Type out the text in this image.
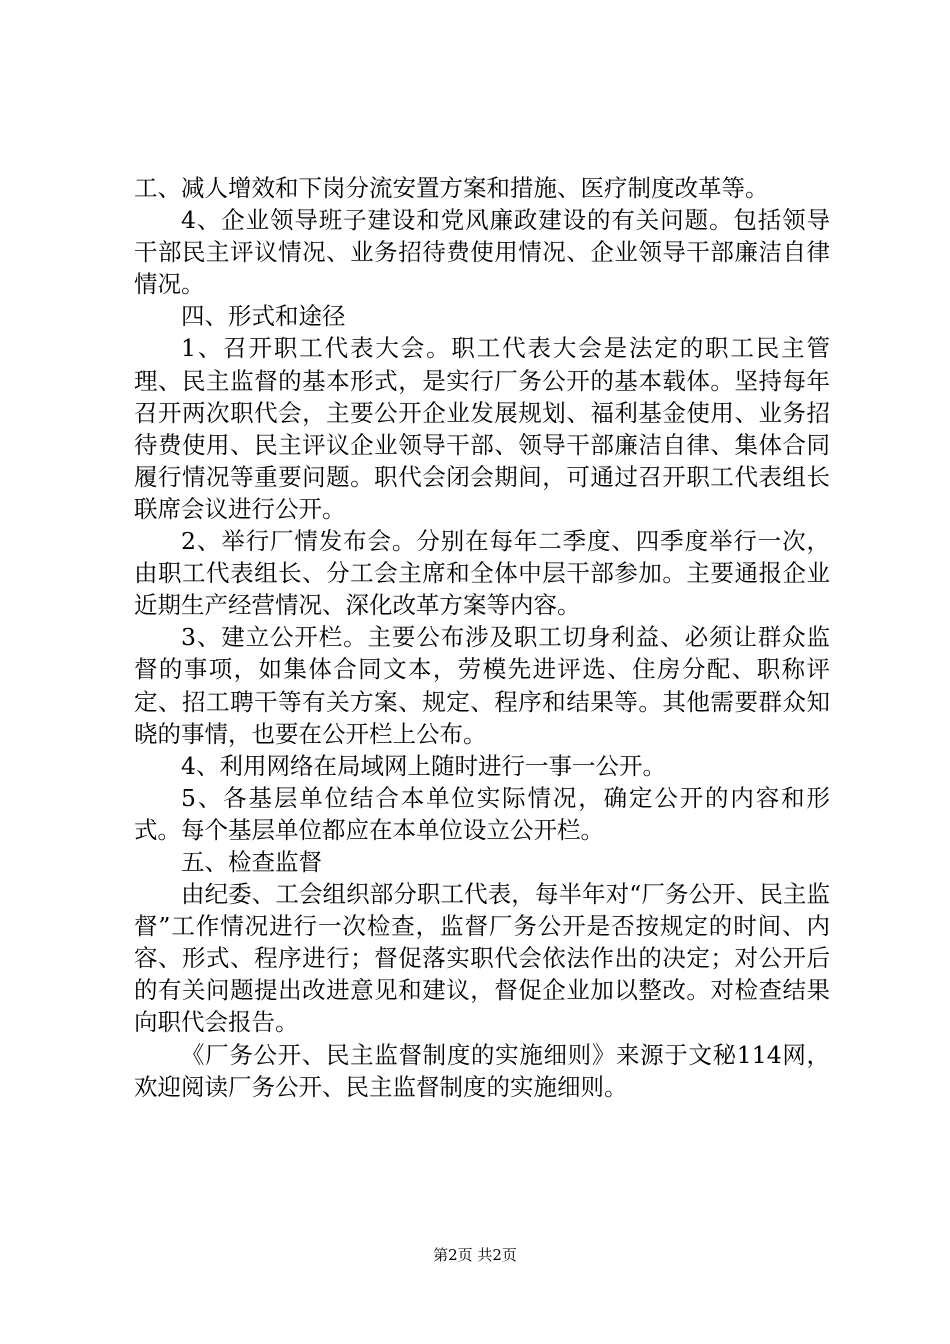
工、减人增效和下岗分流安置方案和措施、医疗制度改革等。

4、企业领导班子建设和党风廉政建设的有关问题。包括领导干部民主评议情况、业务招待费使用情况、企业领导干部廉洁自律情况。

四、形式和途径

1、召开职工代表大会。职工代表大会是法定的职工民主管理、民主监督的基本形式，是实行厂务公开的基本载体。坚持每年召开两次职代会，主要公开企业发展规划、福利基金使用、业务招待费使用、民主评议企业领导干部、领导干部廉洁自律、集体合同履行情况等重要问题。职代会闭会期间，可通过召开职工代表组长联席会议进行公开。

2、举行厂情发布会。分别在每年二季度、四季度举行一次，由职工代表组长、分工会主席和全体中层干部参加。主要通报企业近期生产经营情况、深化改革方案等内容。

3、建立公开栏。主要公布涉及职工切身利益、必须让群众监督的事项，如集体合同文本，劳模先进评选、住房分配、职称评定、招工聘干等有关方案、规定、程序和结果等。其他需要群众知晓的事情，也要在公开栏上公布。

4、利用网络在局域网上随时进行一事一公开。

5、各基层单位结合本单位实际情况，确定公开的内容和形式。每个基层单位都应在本单位设立公开栏。

五、检查监督

由纪委、工会组织部分职工代表，每半年对“厂务公开、民主监督”工作情况进行一次检查，监督厂务公开是否按规定的时间、内容、形式、程序进行；督促落实职代会依法作出的决定；对公开后的有关问题提出改进意见和建议，督促企业加以整改。对检查结果向职代会报告。

《厂务公开、民主监督制度的实施细则》来源于文秘114网，欢迎阅读厂务公开、民主监督制度的实施细则。

第2页 共2页
